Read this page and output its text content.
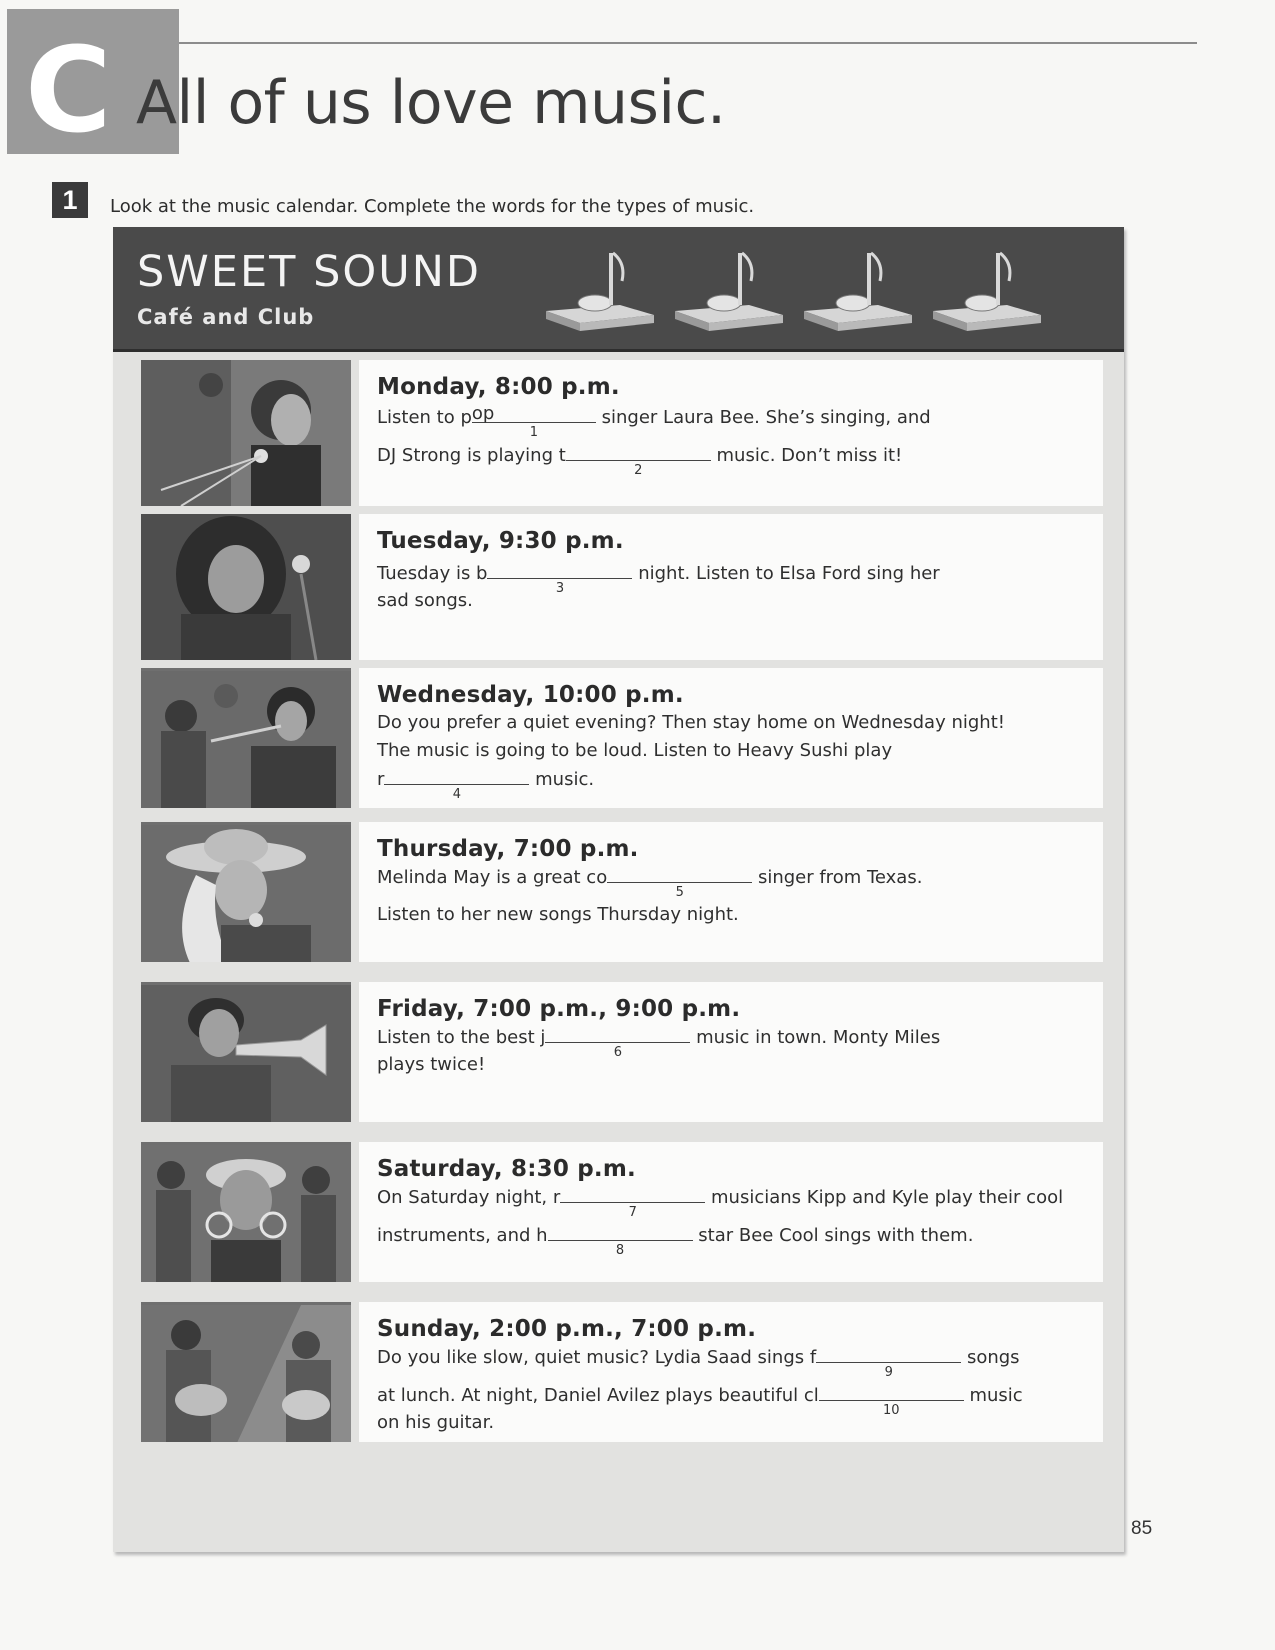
C All of us love music.
1	Look at the music calendar. Complete the words for the types of music.
SWEET SOUND
Café and Club
Monday, 8:00 p.m.
Listen to p op
1
singer Laura Bee. She’s singing, and
DJ Strong is playing t
2
music. Don’t miss it!
Tuesday, 9:30 p.m.
Tuesday is b
3
night. Listen to Elsa Ford sing her
sad songs.
Wednesday, 10:00 p.m.
Do you prefer a quiet evening? Then stay home on Wednesday night!
The music is going to be loud. Listen to Heavy Sushi play
r
4
music.
Thursday, 7:00 p.m.
Melinda May is a great co
5
singer from Texas.
Listen to her new songs Thursday night.
Friday, 7:00 p.m., 9:00 p.m.
Listen to the best j
6
music in town. Monty Miles
plays twice!
Saturday, 8:30 p.m.
On Saturday night, r
7
musicians Kipp and Kyle play their cool
instruments, and h
8
star Bee Cool sings with them.
Sunday, 2:00 p.m., 7:00 p.m.
Do you like slow, quiet music? Lydia Saad sings f
9
songs
at lunch. At night, Daniel Avilez plays beautiful cl
10
music
on his guitar.
85
